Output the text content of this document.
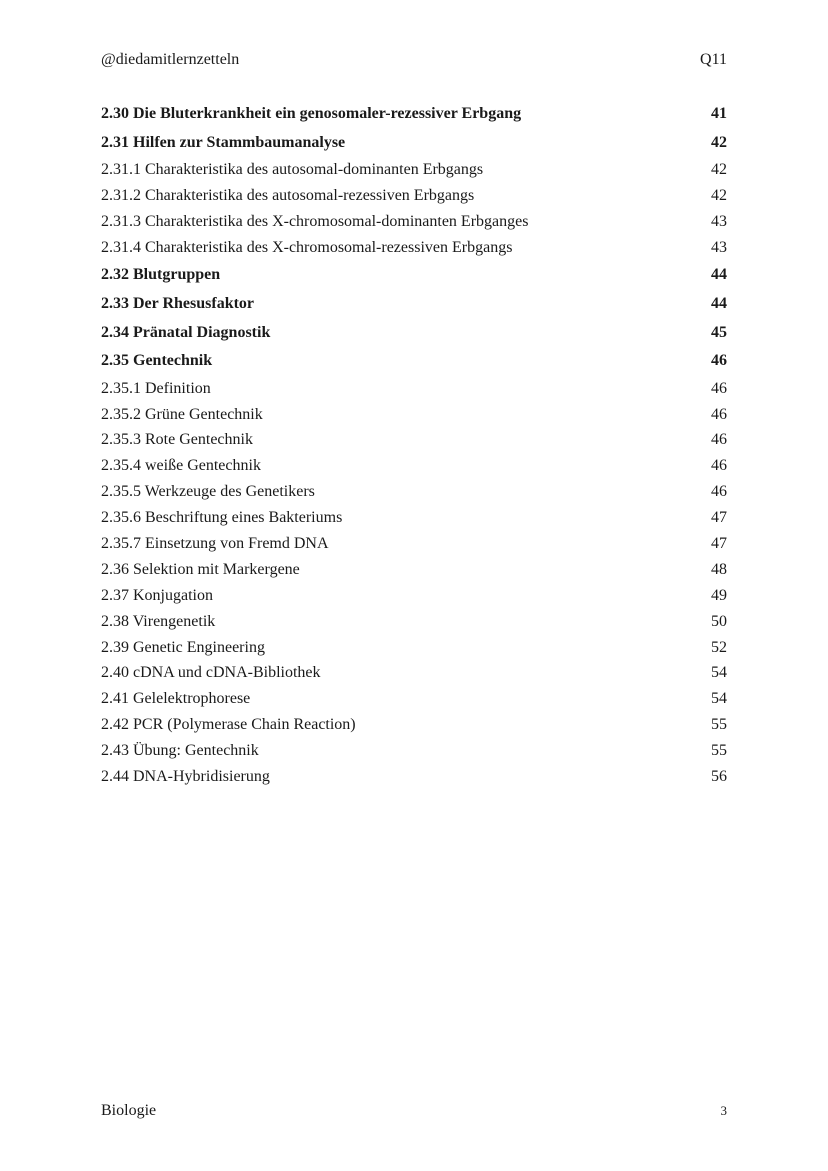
@diedamitlernzetteln	Q11
2.30 Die Bluterkrankheit ein genosomaler-rezessiver Erbgang	41
2.31 Hilfen zur Stammbaumanalyse	42
2.31.1 Charakteristika des autosomal-dominanten Erbgangs	42
2.31.2 Charakteristika des autosomal-rezessiven Erbgangs	42
2.31.3 Charakteristika des X-chromosomal-dominanten Erbganges	43
2.31.4 Charakteristika des X-chromosomal-rezessiven Erbgangs	43
2.32 Blutgruppen	44
2.33 Der Rhesusfaktor	44
2.34 Pränatal Diagnostik	45
2.35 Gentechnik	46
2.35.1 Definition	46
2.35.2 Grüne Gentechnik	46
2.35.3 Rote Gentechnik	46
2.35.4 weiße Gentechnik	46
2.35.5 Werkzeuge des Genetikers	46
2.35.6 Beschriftung eines Bakteriums	47
2.35.7 Einsetzung von Fremd DNA	47
2.36 Selektion mit Markergene	48
2.37 Konjugation	49
2.38 Virengenetik	50
2.39 Genetic Engineering	52
2.40 cDNA und cDNA-Bibliothek	54
2.41 Gelelektrophorese	54
2.42 PCR (Polymerase Chain Reaction)	55
2.43 Übung: Gentechnik	55
2.44 DNA-Hybridisierung	56
Biologie	3
